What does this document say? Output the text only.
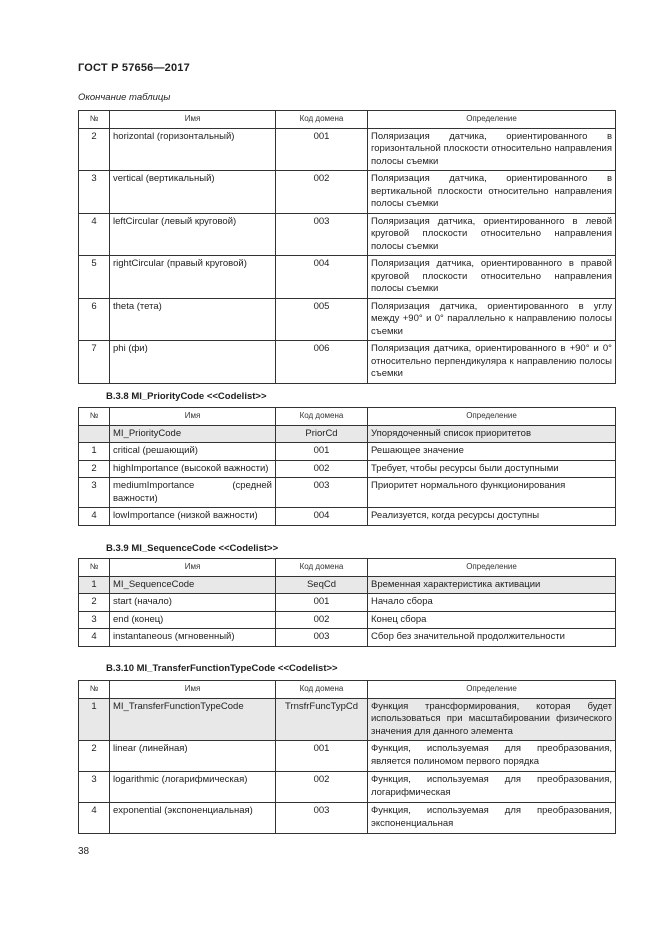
ГОСТ Р 57656—2017
Окончание таблицы
№	Имя	Код домена	Определение
2	horizontal (горизонтальный)	001	Поляризация датчика, ориентированного в горизонтальной плоскости относительно направления полосы съемки
3	vertical (вертикальный)	002	Поляризация датчика, ориентированного в вертикальной плоскости относительно направления полосы съемки
4	leftCircular (левый круговой)	003	Поляризация датчика, ориентированного в левой круговой плоскости относительно направления полосы съемки
5	rightCircular (правый круговой)	004	Поляризация датчика, ориентированного в правой круговой плоскости относительно направления полосы съемки
6	theta (тета)	005	Поляризация датчика, ориентированного в углу между +90° и 0° параллельно к направлению полосы съемки
7	phi (фи)	006	Поляризация датчика, ориентированного в +90° и 0° относительно перпендикуляра к направлению полосы съемки
В.3.8 MI_PriorityCode <<Codelist>>
№	Имя	Код домена	Определение
	MI_PriorityCode	PriorCd	Упорядоченный список приоритетов
1	critical (решающий)	001	Решающее значение
2	highImportance (высокой важности)	002	Требует, чтобы ресурсы были доступными
3	mediumImportance (средней важности)	003	Приоритет нормального функционирования
4	lowImportance (низкой важности)	004	Реализуется, когда ресурсы доступны
В.3.9 MI_SequenceCode <<Codelist>>
№	Имя	Код домена	Определение
1	MI_SequenceCode	SeqCd	Временная характеристика активации
2	start (начало)	001	Начало сбора
3	end (конец)	002	Конец сбора
4	instantaneous (мгновенный)	003	Сбор без значительной продолжительности
В.3.10 MI_TransferFunctionTypeCode <<Codelist>>
№	Имя	Код домена	Определение
1	MI_TransferFunctionTypeCode	TrnsfrFuncTypCd	Функция трансформирования, которая будет использоваться при масштабировании физического значения для данного элемента
2	linear (линейная)	001	Функция, используемая для преобразования, является полиномом первого порядка
3	logarithmic (логарифмическая)	002	Функция, используемая для преобразования, логарифмическая
4	exponential (экспоненциальная)	003	Функция, используемая для преобразования, экспоненциальная
38
